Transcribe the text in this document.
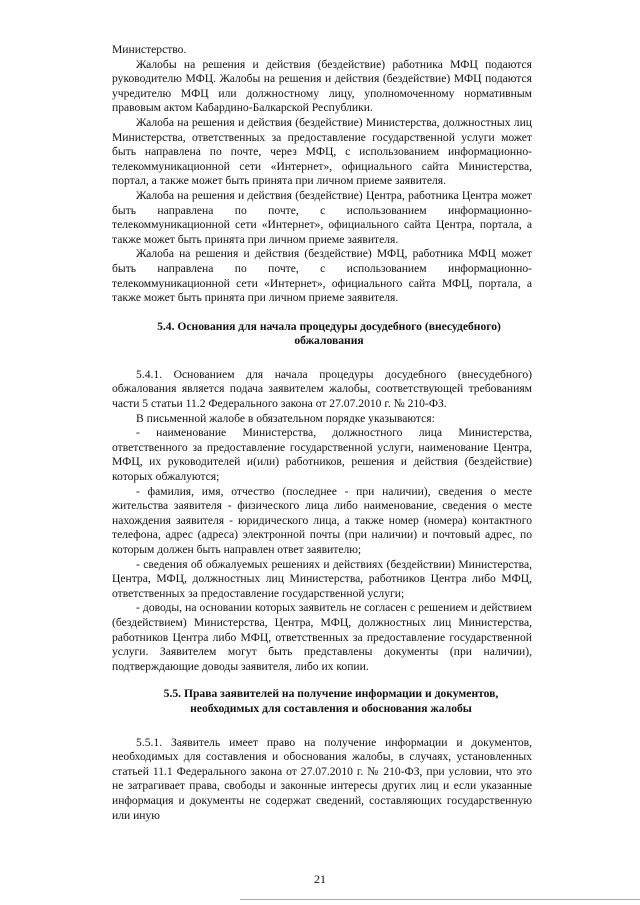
Министерство.

Жалобы на решения и действия (бездействие) работника МФЦ подаются руководителю МФЦ. Жалобы на решения и действия (бездействие) МФЦ подаются учредителю МФЦ или должностному лицу, уполномоченному нормативным правовым актом Кабардино-Балкарской Республики.

Жалоба на решения и действия (бездействие) Министерства, должностных лиц Министерства, ответственных за предоставление государственной услуги может быть направлена по почте, через МФЦ, с использованием информационно-телекоммуникационной сети «Интернет», официального сайта Министерства, портал, а также может быть принята при личном приеме заявителя.

Жалоба на решения и действия (бездействие) Центра, работника Центра может быть направлена по почте, с использованием информационно-телекоммуникационной сети «Интернет», официального сайта Центра, портала, а также может быть принята при личном приеме заявителя.

Жалоба на решения и действия (бездействие) МФЦ, работника МФЦ может быть направлена по почте, с использованием информационно-телекоммуникационной сети «Интернет», официального сайта МФЦ, портала, а также может быть принята при личном приеме заявителя.

5.4. Основания для начала процедуры досудебного (внесудебного) обжалования

5.4.1. Основанием для начала процедуры досудебного (внесудебного) обжалования является подача заявителем жалобы, соответствующей требованиям части 5 статьи 11.2 Федерального закона от 27.07.2010 г. № 210-ФЗ.

В письменной жалобе в обязательном порядке указываются:

- наименование Министерства, должностного лица Министерства, ответственного за предоставление государственной услуги, наименование Центра, МФЦ, их руководителей и(или) работников, решения и действия (бездействие) которых обжалуются;

- фамилия, имя, отчество (последнее - при наличии), сведения о месте жительства заявителя - физического лица либо наименование, сведения о месте нахождения заявителя - юридического лица, а также номер (номера) контактного телефона, адрес (адреса) электронной почты (при наличии) и почтовый адрес, по которым должен быть направлен ответ заявителю;

- сведения об обжалуемых решениях и действиях (бездействии) Министерства, Центра, МФЦ, должностных лиц Министерства, работников Центра либо МФЦ, ответственных за предоставление государственной услуги;

- доводы, на основании которых заявитель не согласен с решением и действием (бездействием) Министерства, Центра, МФЦ, должностных лиц Министерства, работников Центра либо МФЦ, ответственных за предоставление государственной услуги. Заявителем могут быть представлены документы (при наличии), подтверждающие доводы заявителя, либо их копии.

5.5. Права заявителей на получение информации и документов, необходимых для составления и обоснования жалобы

5.5.1. Заявитель имеет право на получение информации и документов, необходимых для составления и обоснования жалобы, в случаях, установленных статьей 11.1 Федерального закона от 27.07.2010 г. № 210-ФЗ, при условии, что это не затрагивает права, свободы и законные интересы других лиц и если указанные информация и документы не содержат сведений, составляющих государственную или иную

21
